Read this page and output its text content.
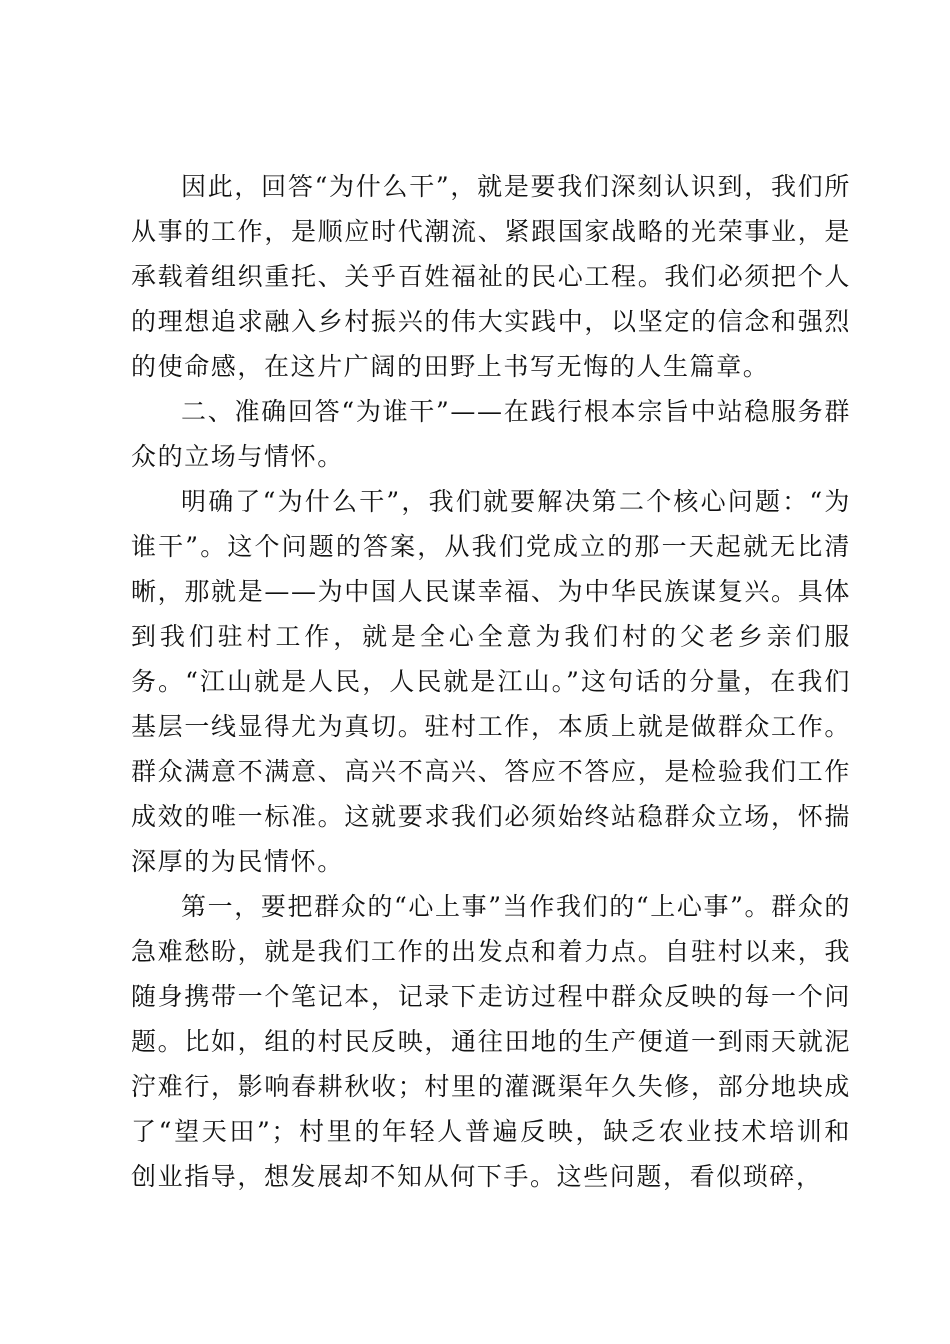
因此，回答“为什么干”，就是要我们深刻认识到，我们所从事的工作，是顺应时代潮流、紧跟国家战略的光荣事业，是承载着组织重托、关乎百姓福祉的民心工程。我们必须把个人的理想追求融入乡村振兴的伟大实践中，以坚定的信念和强烈的使命感，在这片广阔的田野上书写无悔的人生篇章。

二、准确回答“为谁干”——在践行根本宗旨中站稳服务群众的立场与情怀。

明确了“为什么干”，我们就要解决第二个核心问题：“为谁干”。这个问题的答案，从我们党成立的那一天起就无比清晰，那就是——为中国人民谋幸福、为中华民族谋复兴。具体到我们驻村工作，就是全心全意为我们村的父老乡亲们服务。“江山就是人民，人民就是江山。”这句话的分量，在我们基层一线显得尤为真切。驻村工作，本质上就是做群众工作。群众满意不满意、高兴不高兴、答应不答应，是检验我们工作成效的唯一标准。这就要求我们必须始终站稳群众立场，怀揣深厚的为民情怀。

第一，要把群众的“心上事”当作我们的“上心事”。群众的急难愁盼，就是我们工作的出发点和着力点。自驻村以来，我随身携带一个笔记本，记录下走访过程中群众反映的每一个问题。比如，组的村民反映，通往田地的生产便道一到雨天就泥泞难行，影响春耕秋收；村里的灌溉渠年久失修，部分地块成了“望天田”；村里的年轻人普遍反映，缺乏农业技术培训和创业指导，想发展却不知从何下手。这些问题，看似琐碎，
